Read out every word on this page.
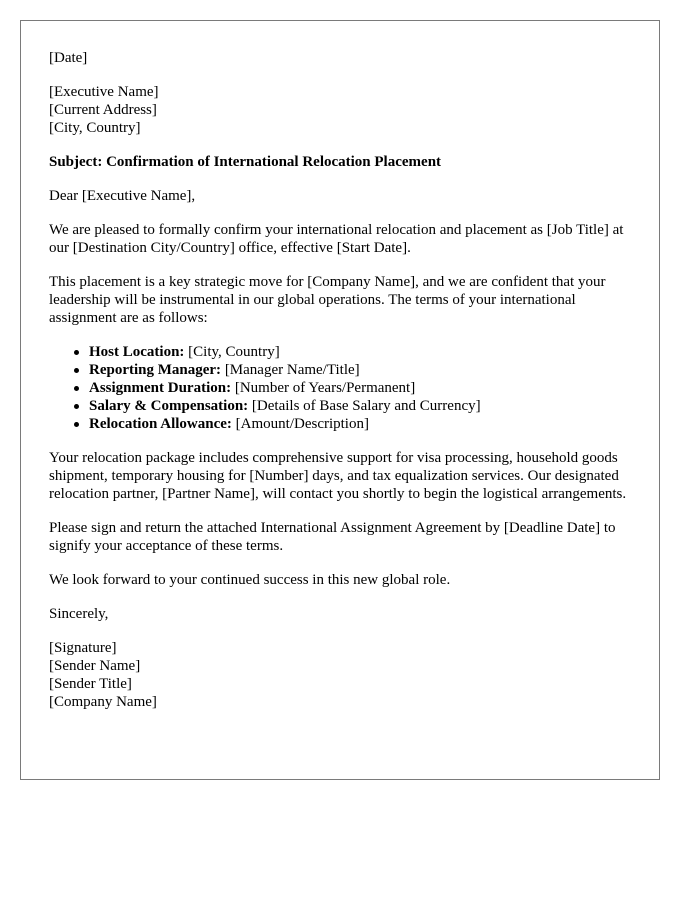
[Date]

[Executive Name]
[Current Address]
[City, Country]

Subject: Confirmation of International Relocation Placement

Dear [Executive Name],

We are pleased to formally confirm your international relocation and placement as [Job Title] at our [Destination City/Country] office, effective [Start Date].

This placement is a key strategic move for [Company Name], and we are confident that your leadership will be instrumental in our global operations. The terms of your international assignment are as follows:

Host Location: [City, Country]
Reporting Manager: [Manager Name/Title]
Assignment Duration: [Number of Years/Permanent]
Salary & Compensation: [Details of Base Salary and Currency]
Relocation Allowance: [Amount/Description]

Your relocation package includes comprehensive support for visa processing, household goods shipment, temporary housing for [Number] days, and tax equalization services. Our designated relocation partner, [Partner Name], will contact you shortly to begin the logistical arrangements.

Please sign and return the attached International Assignment Agreement by [Deadline Date] to signify your acceptance of these terms.

We look forward to your continued success in this new global role.

Sincerely,

[Signature]
[Sender Name]
[Sender Title]
[Company Name]
